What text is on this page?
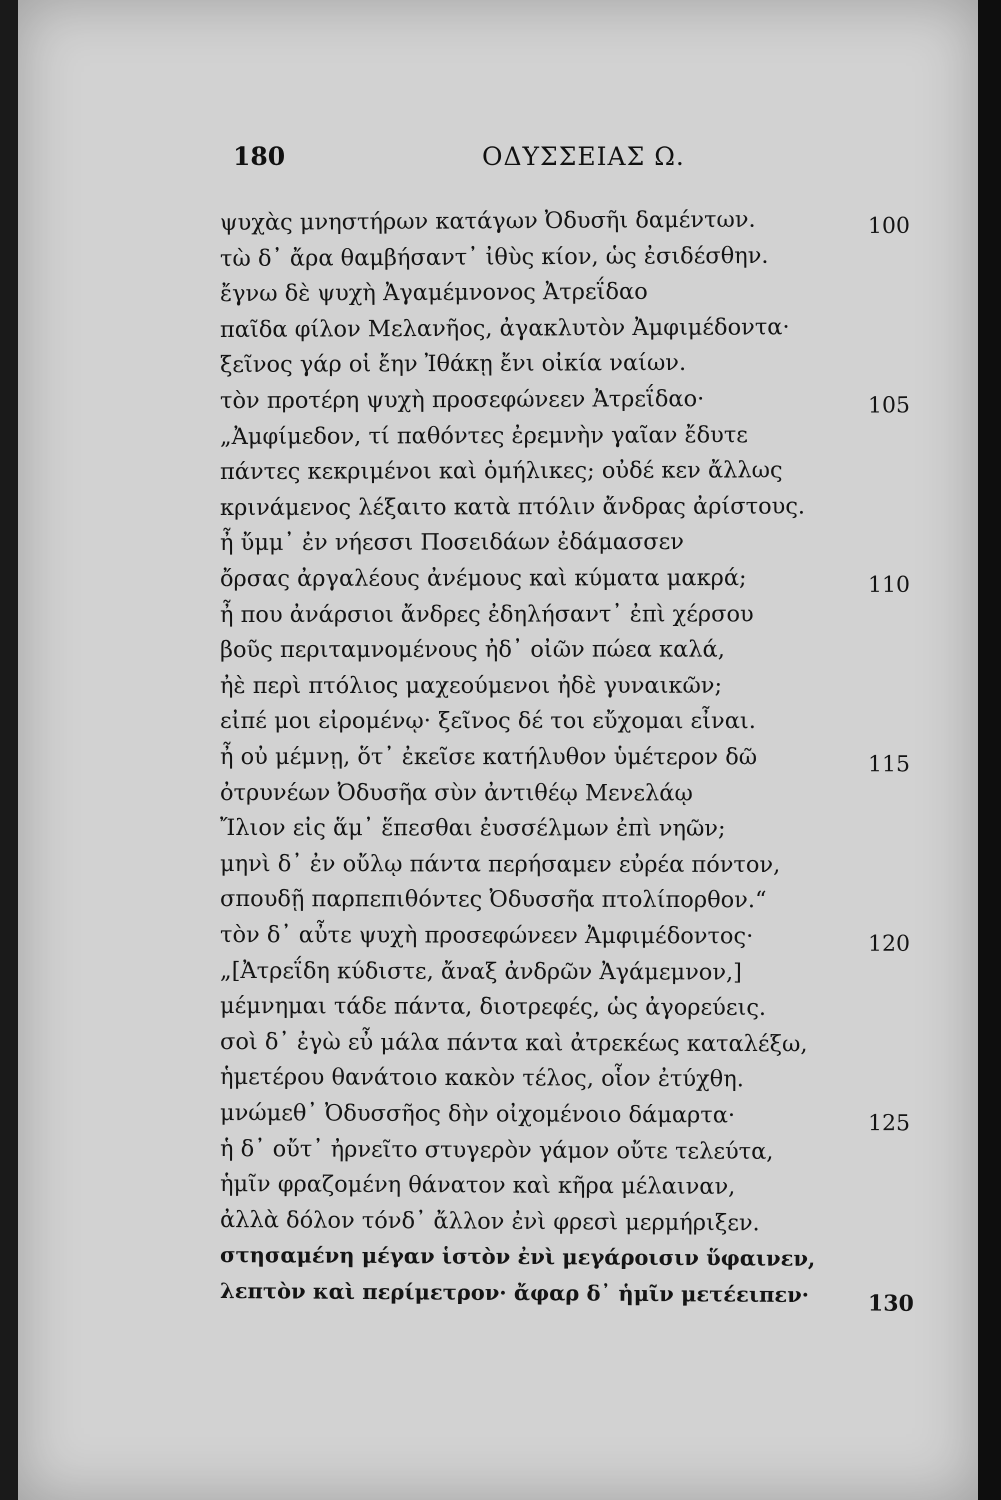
180	ΟΔΥΣΣΕΙΑΣ Ω.
ψυχὰς μνηστήρων κατάγων Ὀδυσῆι δαμέντων.	100
τὼ δ᾽ ἄρα θαμβήσαντ᾽ ἰθὺς κίον, ὡς ἐσιδέσθην.
ἔγνω δὲ ψυχὴ Ἀγαμέμνονος Ἀτρεΐδαο
παῖδα φίλον Μελανῆος, ἀγακλυτὸν Ἀμφιμέδοντα·
ξεῖνος γάρ οἱ ἔην Ἰθάκῃ ἔνι οἰκία ναίων.
τὸν προτέρη ψυχὴ προσεφώνεεν Ἀτρεΐδαο·	105
„Ἀμφίμεδον, τί παθόντες ἐρεμνὴν γαῖαν ἔδυτε
πάντες κεκριμένοι καὶ ὁμήλικες; οὐδέ κεν ἄλλως
κρινάμενος λέξαιτο κατὰ πτόλιν ἄνδρας ἀρίστους.
ἦ ὔμμ᾽ ἐν νήεσσι Ποσειδάων ἐδάμασσεν
ὄρσας ἀργαλέους ἀνέμους καὶ κύματα μακρά;	110
ἦ που ἀνάρσιοι ἄνδρες ἐδηλήσαντ᾽ ἐπὶ χέρσου
βοῦς περιταμνομένους ἠδ᾽ οἰῶν πώεα καλά,
ἠὲ περὶ πτόλιος μαχεούμενοι ἠδὲ γυναικῶν;
εἰπέ μοι εἰρομένῳ· ξεῖνος δέ τοι εὔχομαι εἶναι.
ἦ οὐ μέμνῃ, ὅτ᾽ ἐκεῖσε κατήλυθον ὑμέτερον δῶ	115
ὀτρυνέων Ὀδυσῆα σὺν ἀντιθέῳ Μενελάῳ
Ἴλιον εἰς ἅμ᾽ ἕπεσθαι ἐυσσέλμων ἐπὶ νηῶν;
μηνὶ δ᾽ ἐν οὔλῳ πάντα περήσαμεν εὐρέα πόντον,
σπουδῇ παρπεπιθόντες Ὀδυσσῆα πτολίπορθον.“
τὸν δ᾽ αὖτε ψυχὴ προσεφώνεεν Ἀμφιμέδοντος·	120
„[Ἀτρεΐδη κύδιστε, ἄναξ ἀνδρῶν Ἀγάμεμνον,]
μέμνημαι τάδε πάντα, διοτρεφές, ὡς ἀγορεύεις.
σοὶ δ᾽ ἐγὼ εὖ μάλα πάντα καὶ ἀτρεκέως καταλέξω,
ἡμετέρου θανάτοιο κακὸν τέλος, οἷον ἐτύχθη.
μνώμεθ᾽ Ὀδυσσῆος δὴν οἰχομένοιο δάμαρτα·	125
ἡ δ᾽ οὔτ᾽ ἠρνεῖτο στυγερὸν γάμον οὔτε τελεύτα,
ἡμῖν φραζομένη θάνατον καὶ κῆρα μέλαιναν,
ἀλλὰ δόλον τόνδ᾽ ἄλλον ἐνὶ φρεσὶ μερμήριξεν.
στησαμένη μέγαν ἱστὸν ἐνὶ μεγάροισιν ὕφαινεν,
λεπτὸν καὶ περίμετρον· ἄφαρ δ᾽ ἡμῖν μετέειπεν·	130
